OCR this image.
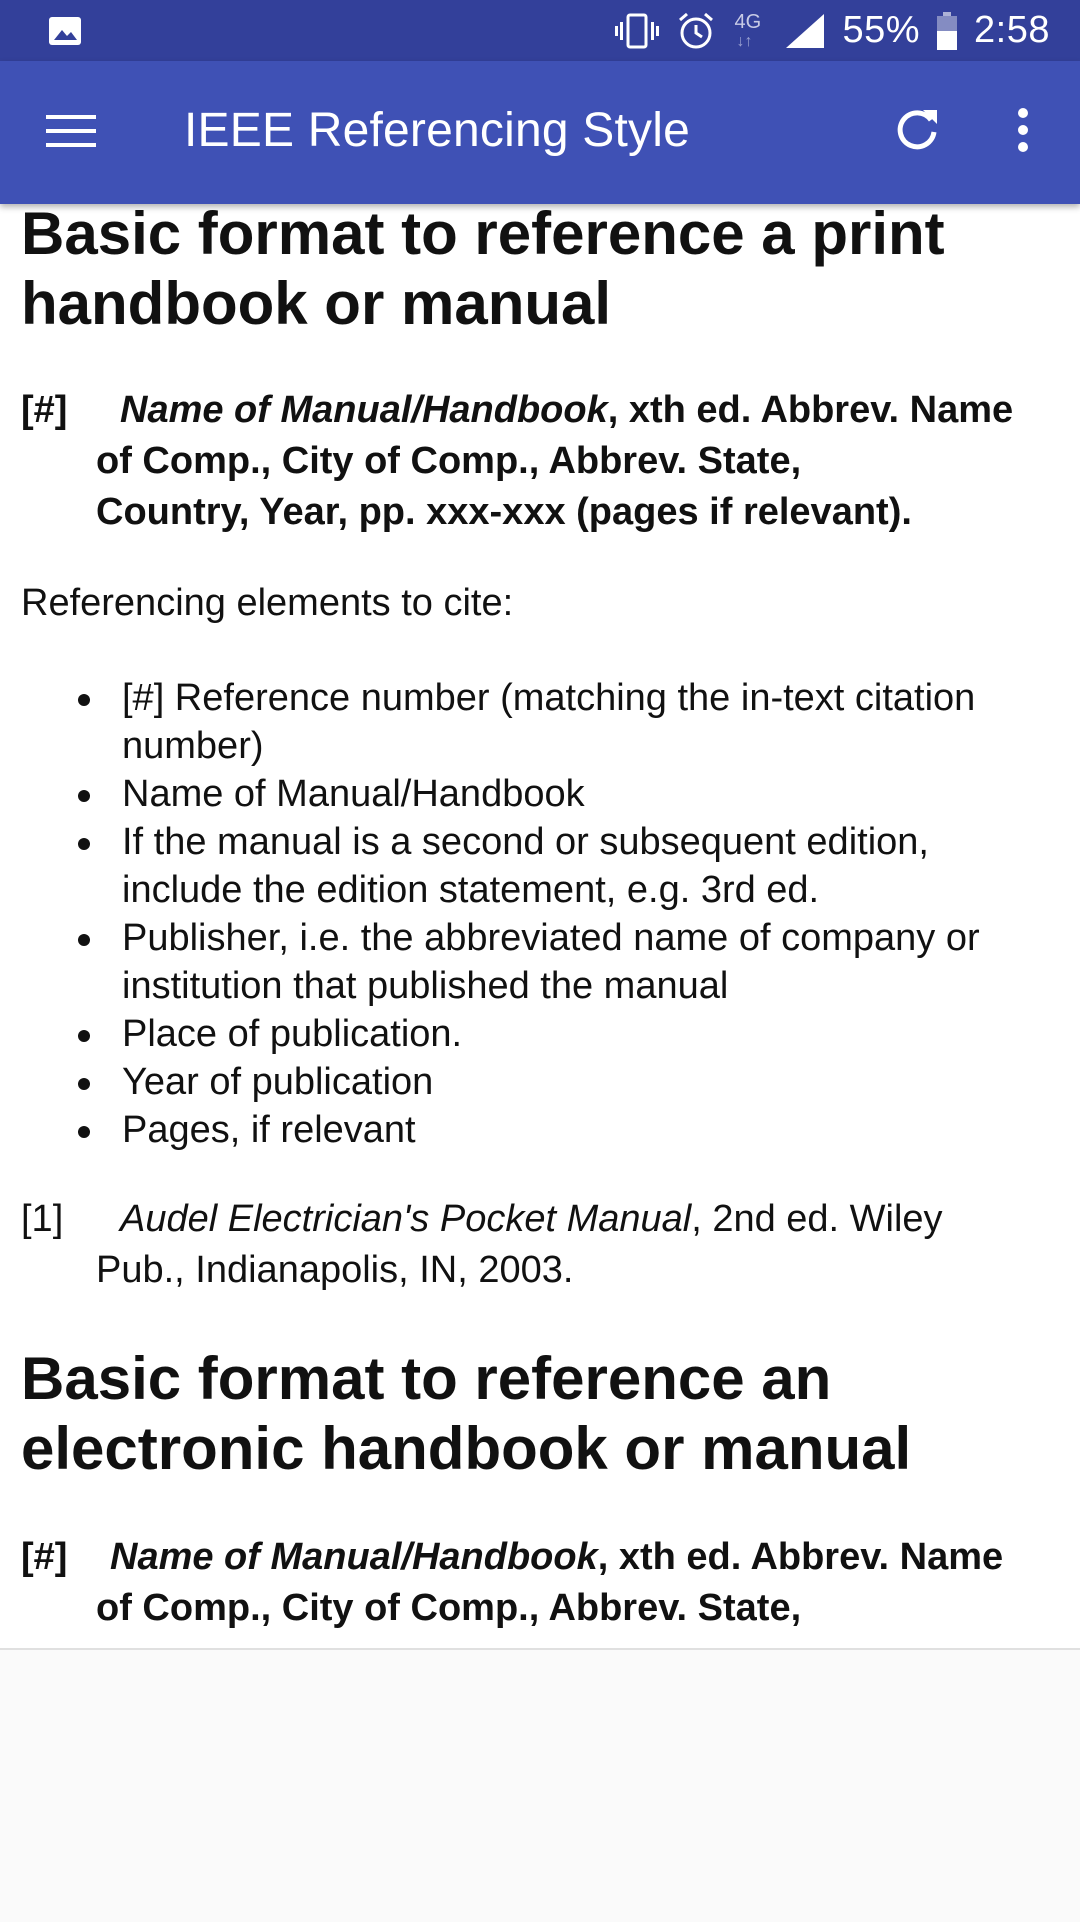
4G
↓↑ 55% 2:58
IEEE Referencing Style
Basic format to reference a print
handbook or manual
[#]	Name of Manual/Handbook, xth ed. Abbrev. Name
of Comp., City of Comp., Abbrev. State,
Country, Year, pp. xxx-xxx (pages if relevant).
Referencing elements to cite:
[#] Reference number (matching the in-text citation
number)
Name of Manual/Handbook
If the manual is a second or subsequent edition,
include the edition statement, e.g. 3rd ed.
Publisher, i.e. the abbreviated name of company or
institution that published the manual
Place of publication.
Year of publication
Pages, if relevant
[1]	Audel Electrician's Pocket Manual, 2nd ed. Wiley
Pub., Indianapolis, IN, 2003.
Basic format to reference an
electronic handbook or manual
[#]	Name of Manual/Handbook, xth ed. Abbrev. Name
of Comp., City of Comp., Abbrev. State,
